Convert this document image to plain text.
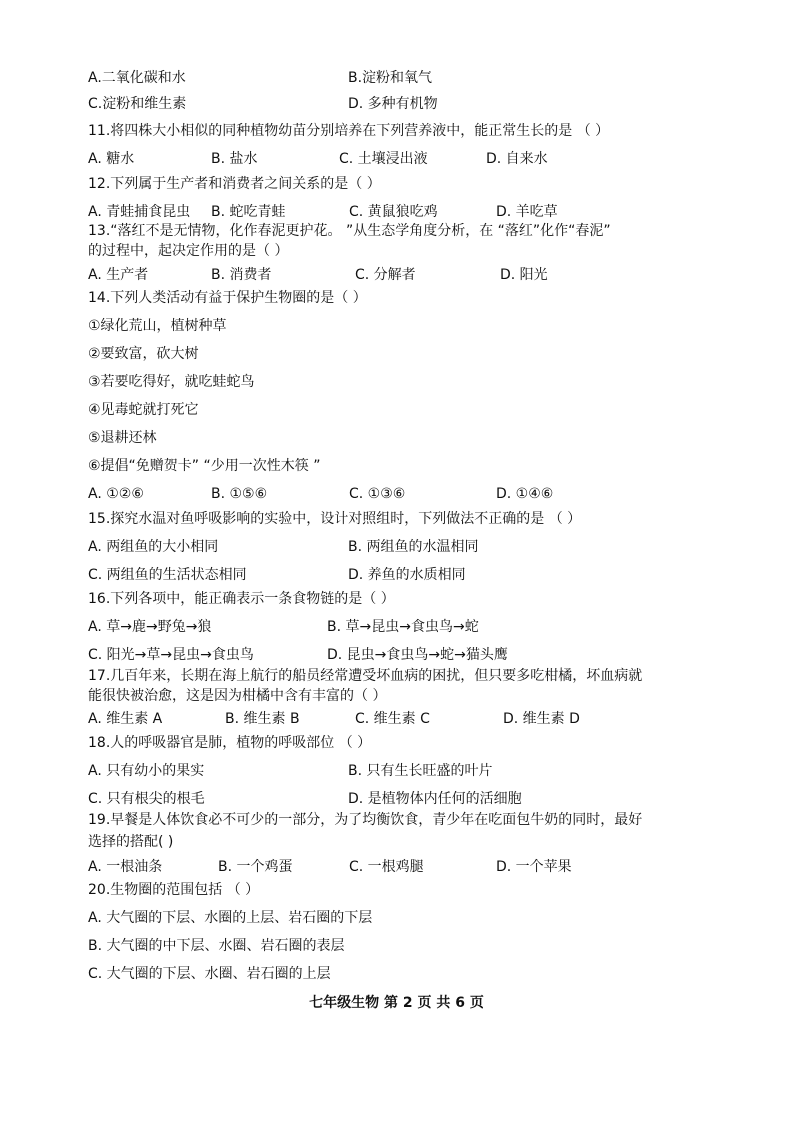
A.二氧化碳和水	B.淀粉和氧气
C.淀粉和维生素	D. 多种有机物
11.将四株大小相似的同种植物幼苗分别培养在下列营养液中，能正常生长的是 （ ）
A. 糖水	B. 盐水	C. 土壤浸出液	D. 自来水
12.下列属于生产者和消费者之间关系的是（ ）
A. 青蛙捕食昆虫 B. 蛇吃青蛙	C. 黄鼠狼吃鸡	D. 羊吃草
13.“落红不是无情物，化作春泥更护花。 ”从生态学角度分析，在 “落红”化作“春泥”
的过程中，起决定作用的是（ ）
A. 生产者	B. 消费者	C. 分解者	D. 阳光
14.下列人类活动有益于保护生物圈的是（ ）
①绿化荒山，植树种草
②要致富，砍大树
③若要吃得好，就吃蛙蛇鸟
④见毒蛇就打死它
⑤退耕还林
⑥提倡“免赠贺卡” “少用一次性木筷 ”
A. ①②⑥	B. ①⑤⑥	C. ①③⑥	D. ①④⑥
15.探究水温对鱼呼吸影响的实验中，设计对照组时，下列做法不正确的是 （ ）
A. 两组鱼的大小相同	B. 两组鱼的水温相同
C. 两组鱼的生活状态相同	D. 养鱼的水质相同
16.下列各项中，能正确表示一条食物链的是（ ）
A. 草→鹿→野兔→狼	B. 草→昆虫→食虫鸟→蛇
C. 阳光→草→昆虫→食虫鸟	D. 昆虫→食虫鸟→蛇→猫头鹰
17.几百年来，长期在海上航行的船员经常遭受坏血病的困扰，但只要多吃柑橘，坏血病就
能很快被治愈，这是因为柑橘中含有丰富的（ ）
A. 维生素 A	B. 维生素 B	C. 维生素 C	D. 维生素 D
18.人的呼吸器官是肺，植物的呼吸部位 （ ）
A. 只有幼小的果实	B. 只有生长旺盛的叶片
C. 只有根尖的根毛	D. 是植物体内任何的活细胞
19.早餐是人体饮食必不可少的一部分，为了均衡饮食，青少年在吃面包牛奶的同时，最好
选择的搭配( )
A. 一根油条	B. 一个鸡蛋	C. 一根鸡腿	D. 一个苹果
20.生物圈的范围包括 （ ）
A. 大气圈的下层、水圈的上层、岩石圈的下层
B. 大气圈的中下层、水圈、岩石圈的表层
C. 大气圈的下层、水圈、岩石圈的上层
七年级生物 第 2 页 共 6 页
